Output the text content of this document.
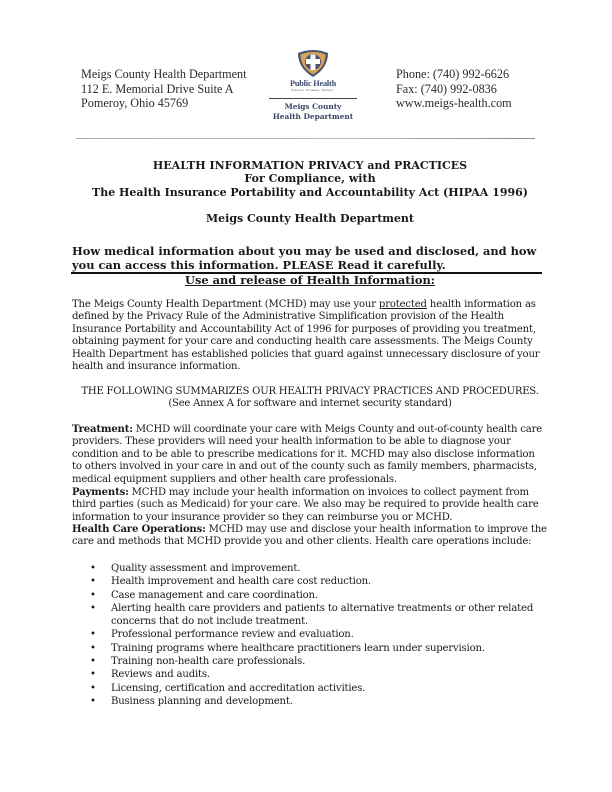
Meigs County Health Department
112 E. Memorial Drive Suite A
Pomeroy, Ohio 45769
Public Health
Prevent. Promote. Protect.
Meigs County
Health Department
Phone: (740) 992-6626
Fax: (740) 992-0836
www.meigs-health.com
HEALTH INFORMATION PRIVACY and PRACTICES
For Compliance, with
The Health Insurance Portability and Accountability Act (HIPAA 1996)
Meigs County Health Department
How medical information about you may be used and disclosed, and how you can access this information. PLEASE Read it carefully.
Use and release of Health Information:
The Meigs County Health Department (MCHD) may use your protected health information as defined by the Privacy Rule of the Administrative Simplification provision of the Health Insurance Portability and Accountability Act of 1996 for purposes of providing you treatment, obtaining payment for your care and conducting health care assessments. The Meigs County Health Department has established policies that guard against unnecessary disclosure of your health and insurance information.
THE FOLLOWING SUMMARIZES OUR HEALTH PRIVACY PRACTICES AND PROCEDURES.
(See Annex A for software and internet security standard)
Treatment: MCHD will coordinate your care with Meigs County and out-of-county health care providers. These providers will need your health information to be able to diagnose your condition and to be able to prescribe medications for it. MCHD may also disclose information to others involved in your care in and out of the county such as family members, pharmacists, medical equipment suppliers and other health care professionals.
Payments: MCHD may include your health information on invoices to collect payment from third parties (such as Medicaid) for your care. We also may be required to provide health care information to your insurance provider so they can reimburse you or MCHD.
Health Care Operations: MCHD may use and disclose your health information to improve the care and methods that MCHD provide you and other clients. Health care operations include:
• Quality assessment and improvement.
• Health improvement and health care cost reduction.
• Case management and care coordination.
• Alerting health care providers and patients to alternative treatments or other related concerns that do not include treatment.
• Professional performance review and evaluation.
• Training programs where healthcare practitioners learn under supervision.
• Training non-health care professionals.
• Reviews and audits.
• Licensing, certification and accreditation activities.
• Business planning and development.
